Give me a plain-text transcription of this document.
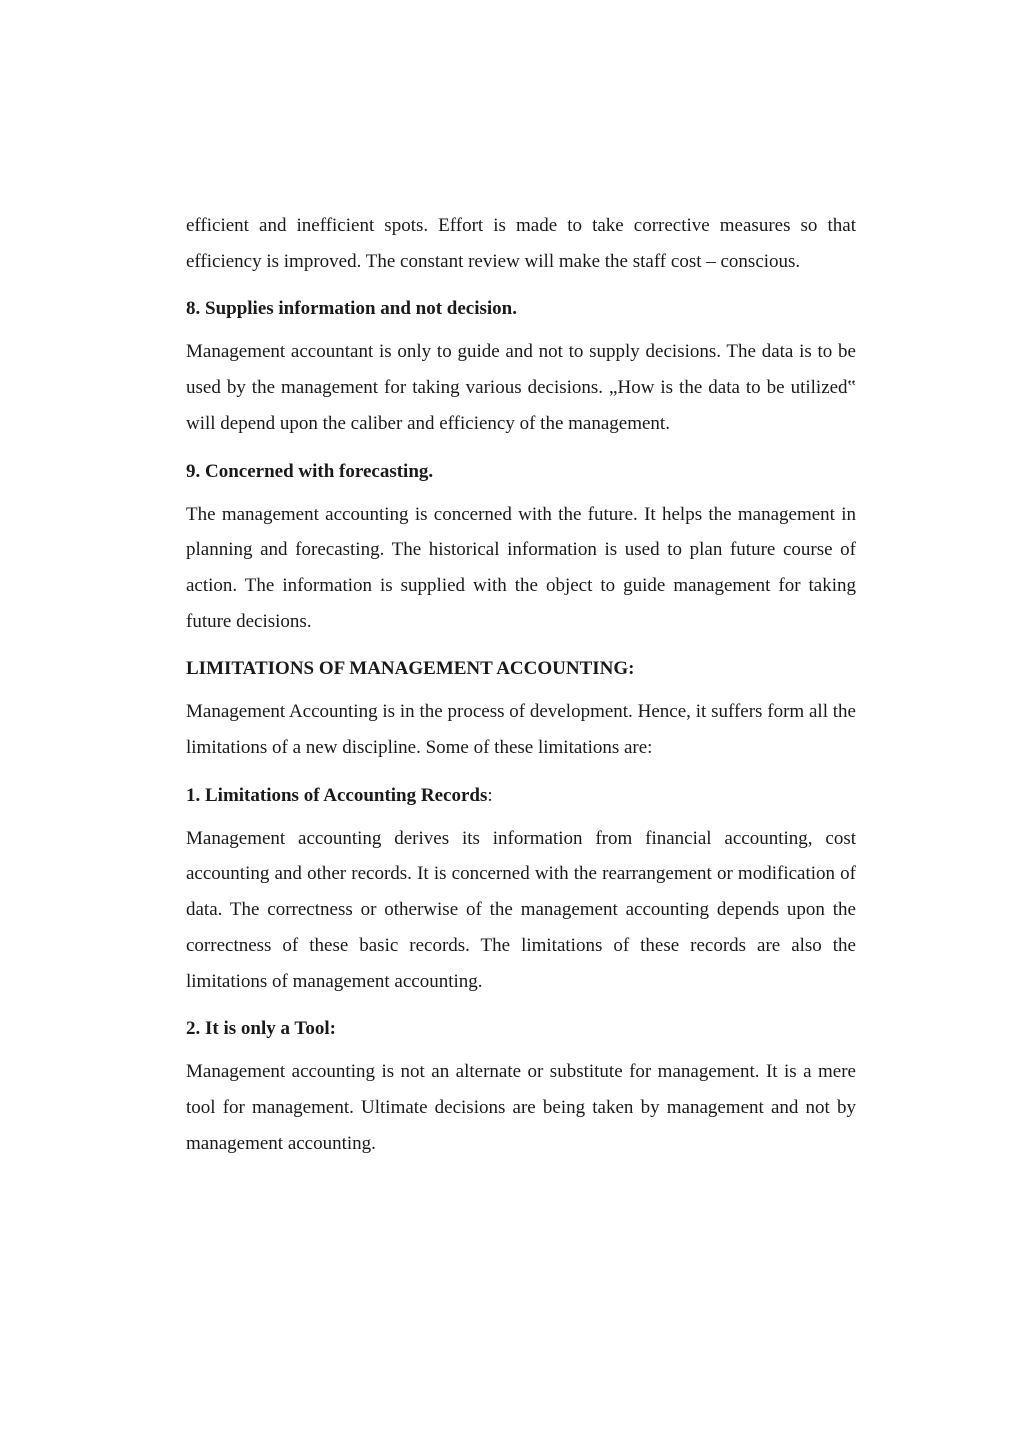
efficient and inefficient spots. Effort is made to take corrective measures so that efficiency is improved. The constant review will make the staff cost – conscious.

8. Supplies information and not decision.

Management accountant is only to guide and not to supply decisions. The data is to be used by the management for taking various decisions. „How is the data to be utilized‟ will depend upon the caliber and efficiency of the management.

9. Concerned with forecasting.

The management accounting is concerned with the future. It helps the management in planning and forecasting. The historical information is used to plan future course of action. The information is supplied with the object to guide management for taking future decisions.

LIMITATIONS OF MANAGEMENT ACCOUNTING:

Management Accounting is in the process of development. Hence, it suffers form all the limitations of a new discipline. Some of these limitations are:

1. Limitations of Accounting Records:

Management accounting derives its information from financial accounting, cost accounting and other records. It is concerned with the rearrangement or modification of data. The correctness or otherwise of the management accounting depends upon the correctness of these basic records. The limitations of these records are also the limitations of management accounting.

2. It is only a Tool:

Management accounting is not an alternate or substitute for management. It is a mere tool for management. Ultimate decisions are being taken by management and not by management accounting.
